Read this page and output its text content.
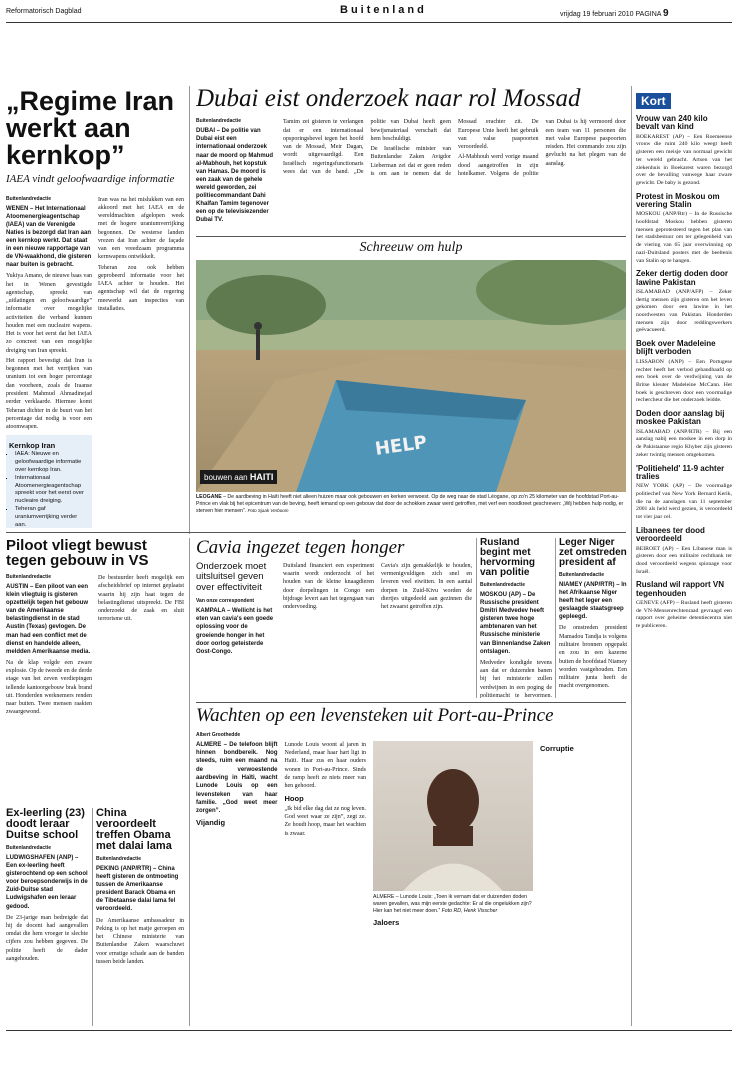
Reformatorisch Dagblad	Buitenland	vrijdag 19 februari 2010 PAGINA 9
„Regime Iran werkt aan kernkop”
IAEA vindt geloofwaardige informatie
Buitenlandredactie
WENEN – Het Internationaal Atoomenergieagentschap (IAEA) van de Verenigde Naties is bezorgd dat Iran aan een kernkop werkt. Dat staat in een nieuwe rapportage van de VN-waakhond, die gisteren naar buiten is gebracht.

Yukiya Amano, de nieuwe baas van het in Wenen gevestigde agentschap, spreekt van „uitlatingen en geloofwaardige” informatie over mogelijke activiteiten die verband kunnen houden met een nucleaire wapens. Het is voor het eerst dat het IAEA zo concreet van een mogelijke dreiging van Iran spreekt.

Het rapport bevestigt dat Iran is begonnen met het verrijken van uranium tot een hoger percentage dan voorheen, zoals de Iraanse president Mahmud Ahmadinejad eerder verklaarde. Hiermee komt Teheran dichter in de buurt van het percentage dat nodig is voor een atoomwapen.

Kernkop Iran
▪ IAEA: Nieuwe en geloofwaardige informatie over kernkop Iran.
▪ Internationaal Atoomenergieagentschap spreekt voor het eerst over nucleaire dreiging.
▪ Teheran gaf uraniumverrijking verder aan.

Iran was na het mislukken van een akkoord met het IAEA en de wereldmachten afgelopen week met de hogere uraniumverrijking begonnen. De westerse landen vrezen dat Iran achter de façade van een vreedzaam programma kernwapens ontwikkelt.

Teheran zou ook hebben geprobeerd informatie voor het IAEA achter te houden. Het agentschap wil dat de regering meewerkt aan inspecties van installaties.

Dubai eist onderzoek naar rol Mossad
Buitenlandredactie
DUBAI – De politie van Dubai eist een internationaal onderzoek naar de moord op Mahmud al-Mabhouh, het kopstuk van Hamas. De moord is een zaak van de gehele wereld geworden, zei politiecommandant Dahi Khalfan Tamim tegenover een op de televisiezender Dubai TV.

Tamim zei gisteren te verlangen dat er een internationaal opsporingsbevel tegen het hoofd van de Mossad, Meir Dagan, wordt uitgevaardigd. Een Israëlisch regeringsfunctionaris wees dat van de hand. „De politie van Dubai heeft geen bewijsmateriaal verschaft dat hem beschuldigt.

De Israëlische minister van Buitenlandse Zaken Avigdor Lieberman zei dat er geen reden is om aan te nemen dat de Mossad erachter zit. De Europese Unie heeft het gebruik van valse paspoorten veroordeeld.

Al-Mabhouh werd vorige maand dood aangetroffen in zijn hotelkamer. Volgens de politie van Dubai is hij vermoord door een team van 11 personen die met valse Europese paspoorten reisden. Het commando zou zijn gevlucht na het plegen van de aanslag.

Schreeuw om hulp
HELP
bouwen aan HAITI
LEOGANE – De aardbeving in Haïti heeft niet alleen huizen maar ook gebouwen en kerken verwoest. Op de weg naar de stad Léogane, op zo'n 25 kilometer van de hoofdstad Port-au-Prince en vlak bij het epicentrum van de beving, heeft iemand op een gebouw dat door de schokken zwaar werd getroffen, met verf een noodkreet geschreven: „Wij hebben hulp nodig, er sterven hier mensen”. Foto Sjaak Verboom
Kort
Vrouw van 240 kilo bevalt van kind

BOEKAREST (AP) – Een Roemeense vrouw die ruim 240 kilo weegt heeft gisteren een meisje van normaal gewicht ter wereld gebracht. Artsen van het ziekenhuis in Boekarest waren bezorgd over de bevalling vanwege haar zware gewicht. De baby is gezond.

Protest in Moskou om verering Stalin

MOSKOU (ANP/Rtr) – In de Russische hoofdstad Moskou hebben gisteren mensen geprotesteerd tegen het plan van het stadsbestuur om ter gelegenheid van de viering van 65 jaar overwinning op nazi-Duitsland posters met de beeltenis van Stalin op te hangen.

Zeker dertig doden door lawine Pakistan

ISLAMABAD (ANP/AFP) – Zeker dertig mensen zijn gisteren om het leven gekomen door een lawine in het noordwesten van Pakistan. Honderden mensen zijn door reddingswerkers geëvacueerd.

Boek over Madeleine blijft verboden

LISSABON (ANP) – Een Portugese rechter heeft het verbod gehandhaafd op een boek over de verdwijning van de Britse kleuter Madeleine McCann. Het boek is geschreven door een voormalige rechercheur die het onderzoek leidde.

Doden door aanslag bij moskee Pakistan

ISLAMABAD (ANP/RTR) – Bij een aanslag nabij een moskee in een dorp in de Pakistaanse regio Khyber zijn gisteren zeker twintig mensen omgekomen.

'Politieheld' 11-9 achter tralies

NEW YORK (AP) – De voormalige politiechef van New York Bernard Kerik, die na de aanslagen van 11 september 2001 als held werd gezien, is veroordeeld tot vier jaar cel.

Libanees ter dood veroordeeld

BEIROET (AP) – Een Libanese man is gisteren door een militaire rechtbank ter dood veroordeeld wegens spionage voor Israël.

Rusland wil rapport VN tegenhouden

GENEVE (AFP) – Rusland heeft gisteren de VN-Mensenrechtenraad gevraagd een rapport over geheime detentiecentra niet te publiceren.

Piloot vliegt bewust tegen gebouw in VS
Buitenlandredactie
AUSTIN – Een piloot van een klein vliegtuig is gisteren opzettelijk tegen het gebouw van de Amerikaanse belastingdienst in de stad Austin (Texas) gevlogen. De man had een conflict met de dienst en handelde alleen, meldden Amerikaanse media.

Na de klap volgde een zware explosie. Op de tweede en de derde etage van het zeven verdiepingen tellende kantoorgebouw brak brand uit. Honderden werknemers renden naar buiten. Twee mensen raakten zwaargewond.

De bestuurder heeft mogelijk een afscheidsbrief op internet geplaatst waarin hij zijn haat tegen de belastingdienst uitspreekt. De FBI onderzoekt de zaak en sluit terrorisme uit.

Ex-leerling (23) doodt leraar Duitse school
Buitenlandredactie
LUDWIGSHAFEN (ANP) – Een ex-leerling heeft gisterochtend op een school voor beroepsonderwijs in de Zuid-Duitse stad Ludwigshafen een leraar gedood.

De 23-jarige man bedreigde dat hij de docent had aangevallen omdat die hem vroeger te slechte cijfers zou hebben gegeven. De politie heeft de dader aangehouden.

China veroordeelt treffen Obama met dalai lama
Buitenlandredactie
PEKING (ANP/RTR) – China heeft gisteren de ontmoeting tussen de Amerikaanse president Barack Obama en de Tibetaanse dalai lama fel veroordeeld.

De Amerikaanse ambassadeur in Peking is op het matje geroepen en het Chinese ministerie van Buitenlandse Zaken waarschuwt voor ernstige schade aan de banden tussen beide landen.

Cavia ingezet tegen honger
Onderzoek moet uitsluitsel geven over effectiviteit
Van onze correspondent
KAMPALA – Wellicht is het eten van cavia's een goede oplossing voor de groeiende honger in het door oorlog geteisterde Oost-Congo.

Duitsland financiert een experiment waarin wordt onderzocht of het houden van de kleine knaagdieren door dorpelingen in Congo een bijdrage levert aan het tegengaan van ondervoeding.

Cavia's zijn gemakkelijk te houden, vermenigvuldigen zich snel en leveren veel eiwitten. In een aantal dorpen in Zuid-Kivu worden de diertjes uitgedeeld aan gezinnen die het zwaarst getroffen zijn.

Rusland begint met hervorming van politie
Buitenlandredactie
MOSKOU (AP) – De Russische president Dmitri Medvedev heeft gisteren twee hoge ambtenaren van het Russische ministerie van Binnenlandse Zaken ontslagen.

Medvedev kondigde tevens aan dat er duizenden banen bij het ministerie zullen verdwijnen in een poging de politiemacht te hervormen.

Leger Niger zet omstreden president af
Buitenlandredactie
NIAMEY (ANP/RTR) – In het Afrikaanse Niger heeft het leger een geslaagde staatsgreep gepleegd.

De omstreden president Mamadou Tandja is volgens militaire bronnen opgepakt en zou in een kazerne buiten de hoofdstad Niamey worden vastgehouden. Een militaire junta heeft de macht overgenomen.

Wachten op een levensteken uit Port-au-Prince
Albert Groothedde

ALMERE – De telefoon blijft hinnen bondbereik. Nog steeds, ruim een maand na de verwoestende aardbeving in Haïti, wacht Lunode Louis op een levensteken van haar familie. „God weet meer zorgen”.

Vijandig

Lunode Louis woont al jaren in Nederland, maar haar hart ligt in Haïti. Haar zus en haar ouders wonen in Port-au-Prince. Sinds de ramp heeft ze niets meer van hen gehoord.

Hoop

„Ik bid elke dag dat ze nog leven. God weet waar ze zijn”, zegt ze. Ze houdt hoop, maar het wachten is zwaar.

ALMERE – Lunode Louis: „Toen ik vernam dat er duizenden doden waren gevallen, was mijn eerste gedachte: Er al die ongelukken zijn? Hier kan het niet meer doen.” Foto RD, Henk Visscher
Jaloers
Corruptie
